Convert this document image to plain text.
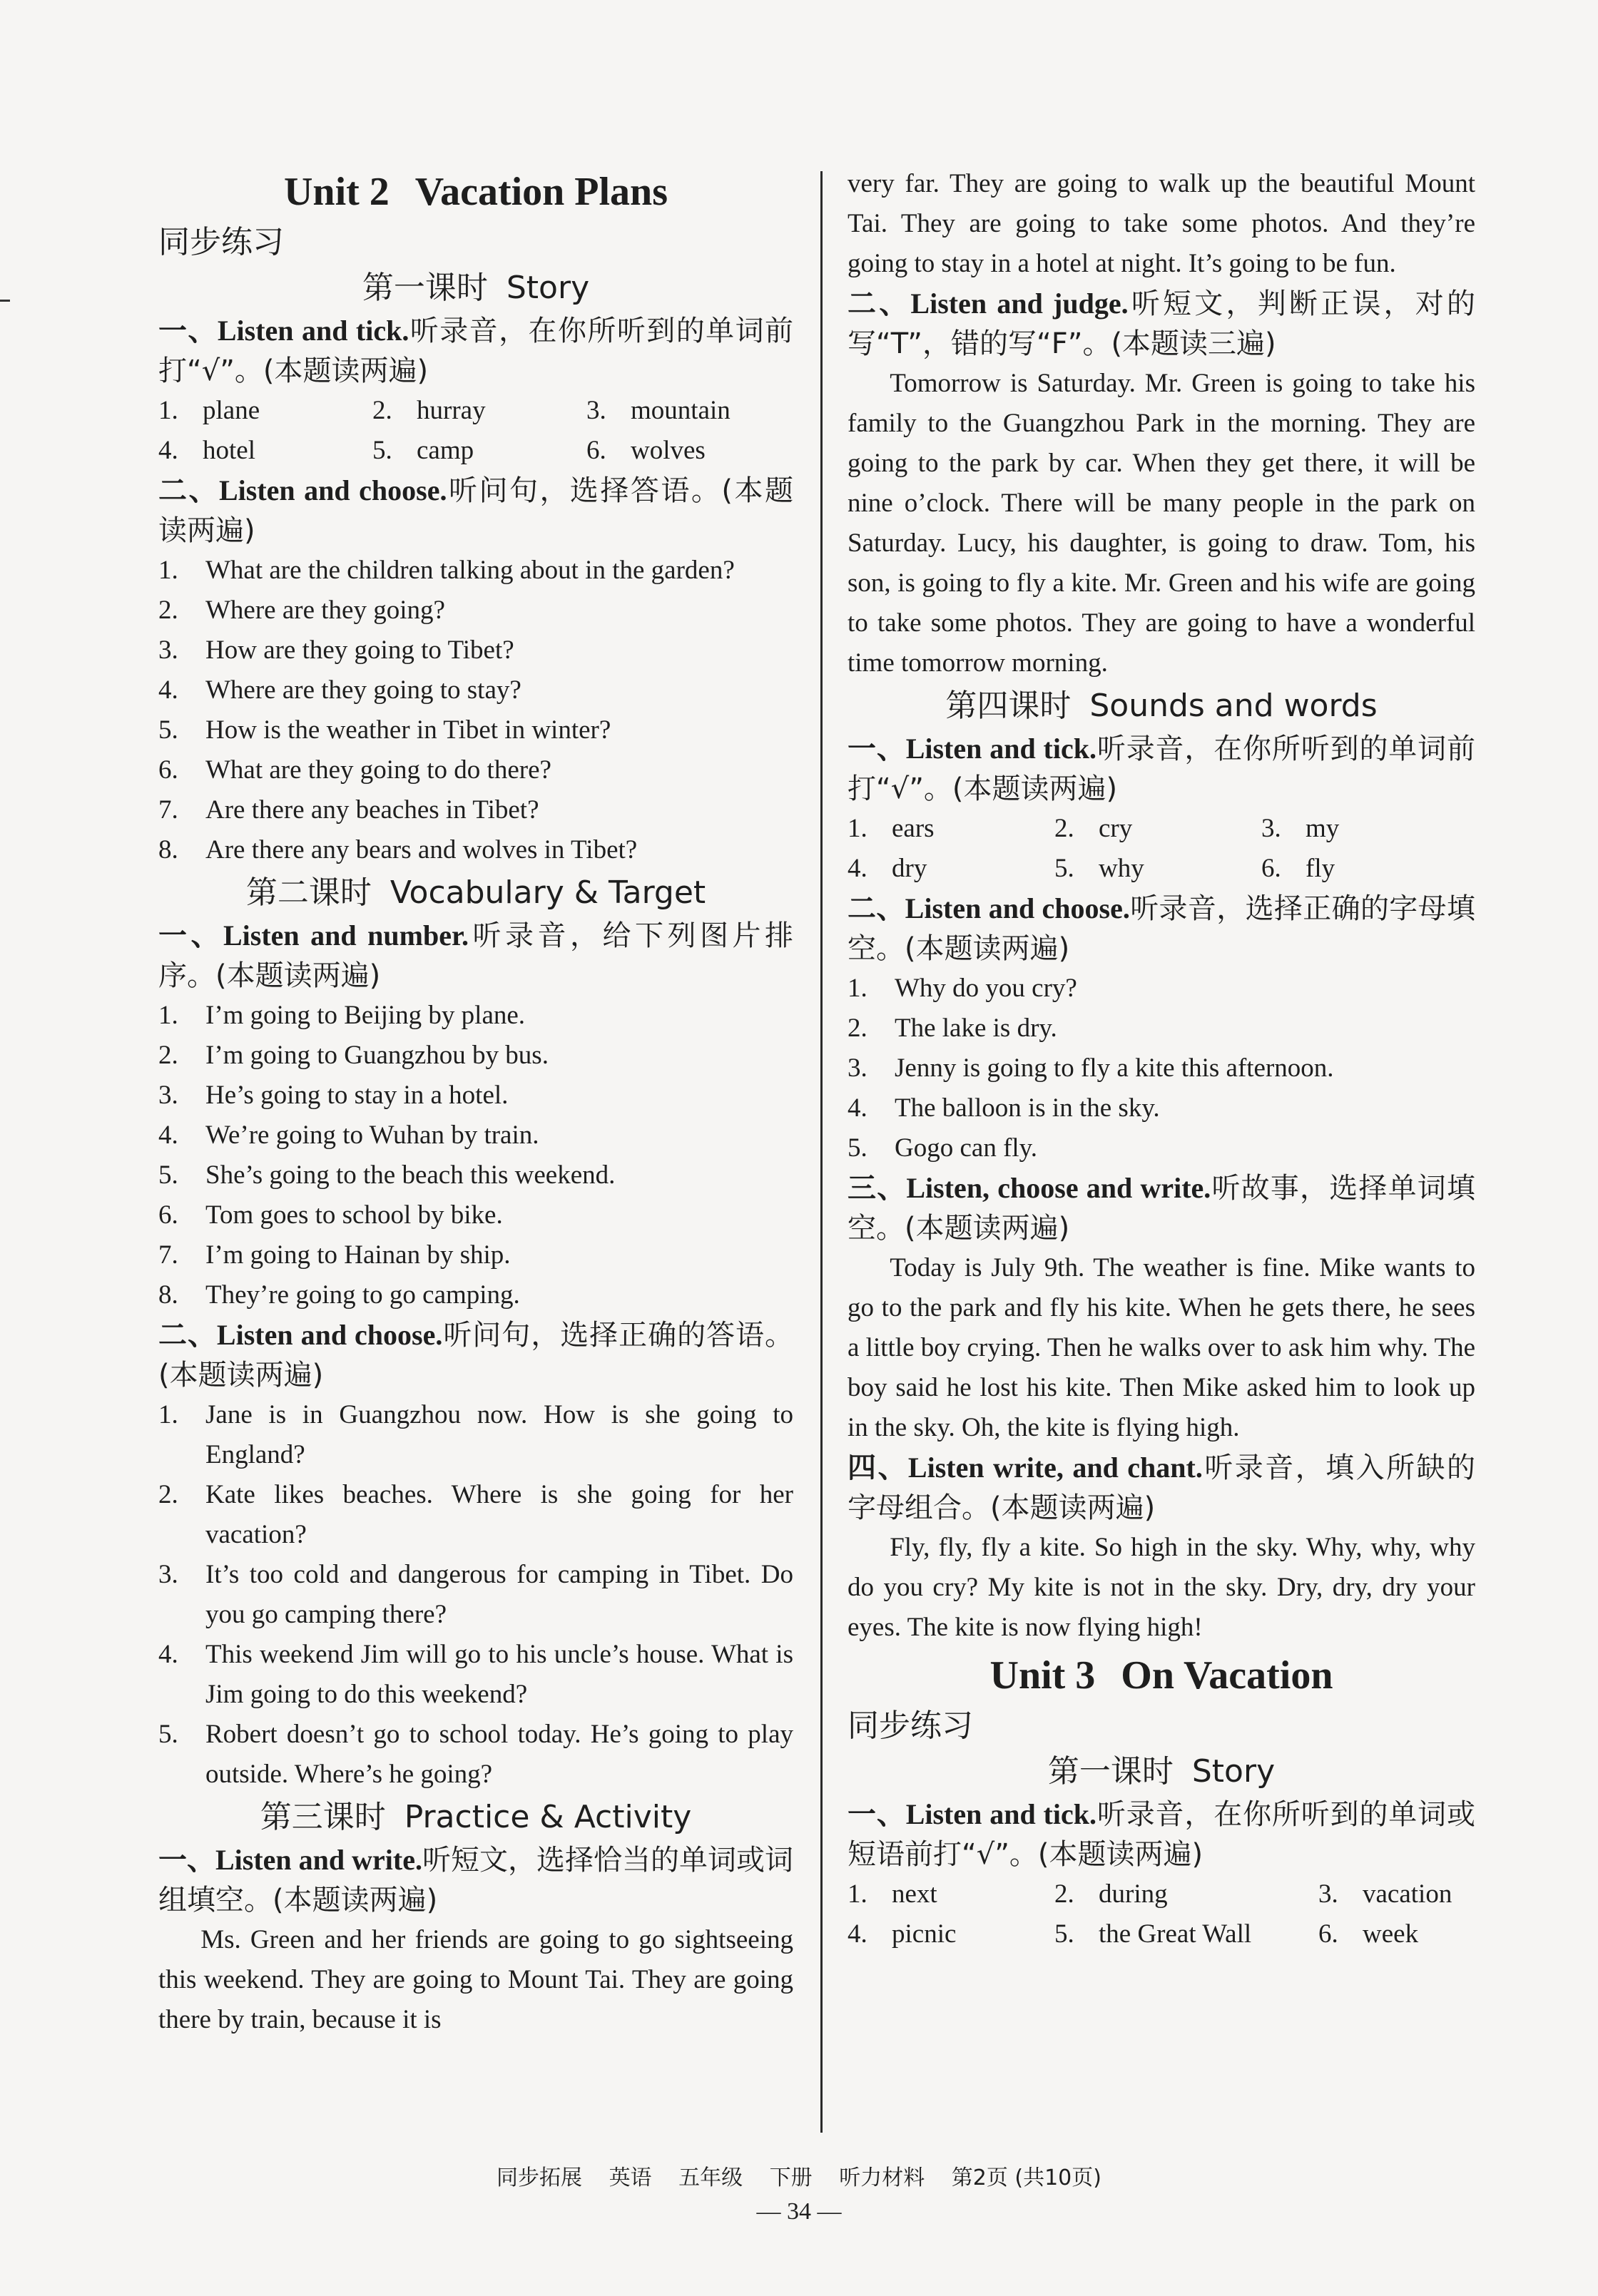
Unit 2 Vacation Plans
同步练习
第一课时 Story
一、Listen and tick.听录音，在你所听到的单词前打“√”。(本题读两遍)
1. plane	2. hurray	3. mountain
4. hotel	5. camp	6. wolves
二、Listen and choose.听问句，选择答语。(本题读两遍)
1. What are the children talking about in the garden?
2. Where are they going?
3. How are they going to Tibet?
4. Where are they going to stay?
5. How is the weather in Tibet in winter?
6. What are they going to do there?
7. Are there any beaches in Tibet?
8. Are there any bears and wolves in Tibet?
第二课时 Vocabulary & Target
一、Listen and number.听录音，给下列图片排序。(本题读两遍)
1. I’m going to Beijing by plane.
2. I’m going to Guangzhou by bus.
3. He’s going to stay in a hotel.
4. We’re going to Wuhan by train.
5. She’s going to the beach this weekend.
6. Tom goes to school by bike.
7. I’m going to Hainan by ship.
8. They’re going to go camping.
二、Listen and choose.听问句，选择正确的答语。(本题读两遍)
1. Jane is in Guangzhou now. How is she going to England?
2. Kate likes beaches. Where is she going for her vacation?
3. It’s too cold and dangerous for camping in Tibet. Do you go camping there?
4. This weekend Jim will go to his uncle’s house. What is Jim going to do this weekend?
5. Robert doesn’t go to school today. He’s going to play outside. Where’s he going?
第三课时 Practice & Activity
一、Listen and write.听短文，选择恰当的单词或词组填空。(本题读两遍)
Ms. Green and her friends are going to go sightseeing this weekend. They are going to Mount Tai. They are going there by train, because it is
very far. They are going to walk up the beautiful Mount Tai. They are going to take some photos. And they’re going to stay in a hotel at night. It’s going to be fun.
二、Listen and judge.听短文，判断正误，对的写“T”，错的写“F”。(本题读三遍)
Tomorrow is Saturday. Mr. Green is going to take his family to the Guangzhou Park in the morning. They are going to the park by car. When they get there, it will be nine o’clock. There will be many people in the park on Saturday. Lucy, his daughter, is going to draw. Tom, his son, is going to fly a kite. Mr. Green and his wife are going to take some photos. They are going to have a wonderful time tomorrow morning.
第四课时 Sounds and words
一、Listen and tick.听录音，在你所听到的单词前打“√”。(本题读两遍)
1. ears	2. cry	3. my
4. dry	5. why	6. fly
二、Listen and choose.听录音，选择正确的字母填空。(本题读两遍)
1. Why do you cry?
2. The lake is dry.
3. Jenny is going to fly a kite this afternoon.
4. The balloon is in the sky.
5. Gogo can fly.
三、Listen, choose and write.听故事，选择单词填空。(本题读两遍)
Today is July 9th. The weather is fine. Mike wants to go to the park and fly his kite. When he gets there, he sees a little boy crying. Then he walks over to ask him why. The boy said he lost his kite. Then Mike asked him to look up in the sky. Oh, the kite is flying high.
四、Listen write, and chant.听录音，填入所缺的字母组合。(本题读两遍)
Fly, fly, fly a kite. So high in the sky. Why, why, why do you cry? My kite is not in the sky. Dry, dry, dry your eyes. The kite is now flying high!
Unit 3 On Vacation
同步练习
第一课时 Story
一、Listen and tick.听录音，在你所听到的单词或短语前打“√”。(本题读两遍)
1. next	2. during	3. vacation
4. picnic	5. the Great Wall	6. week
同步拓展 英语 五年级 下册 听力材料 第2页 (共10页)
— 34 —
